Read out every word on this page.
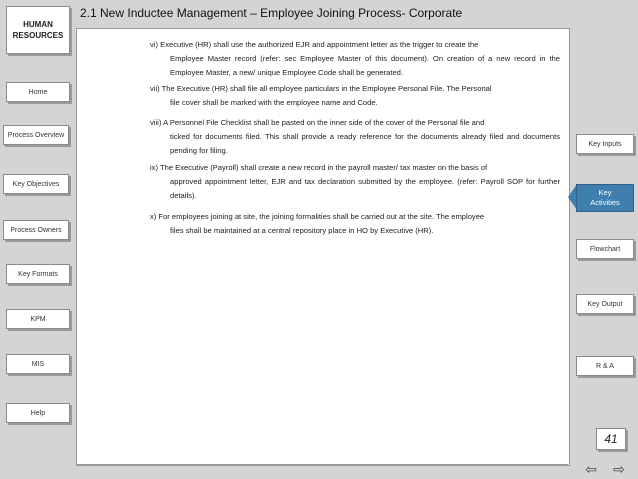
HUMAN RESOURCES
Home
Process Overview
Key Objectives
Process Owners
Key Formats
KPM
MIS
Help
2.1 New Inductee Management – Employee Joining Process- Corporate
vi) Executive (HR) shall use the authorized EJR and appointment letter as the trigger to create the
Employee Master record (refer: sec Employee Master of this document). On creation of a new record in the Employee Master, a new/ unique Employee Code shall be generated.
vii) The Executive (HR) shall file all employee particulars in the Employee Personal File. The Personal
file cover shall be marked with the employee name and Code.
viii) A Personnel File Checklist shall be pasted on the inner side of the cover of the Personal file and
ticked for documents filed. This shall provide a ready reference for the documents already filed and documents pending for filing.
ix) The Executive (Payroll) shall create a new record in the payroll master/ tax master on the basis of
approved appointment letter, EJR and tax declaration submitted by the employee. (refer: Payroll SOP for further details).
x) For employees joining at site, the joining formalities shall be carried out at the site. The employee
files shall be maintained at a central repository place in HO by Executive (HR).
Key Inputs
Key Activities
Flowchart
Key Output
R & A
41
⇦ ⇨
